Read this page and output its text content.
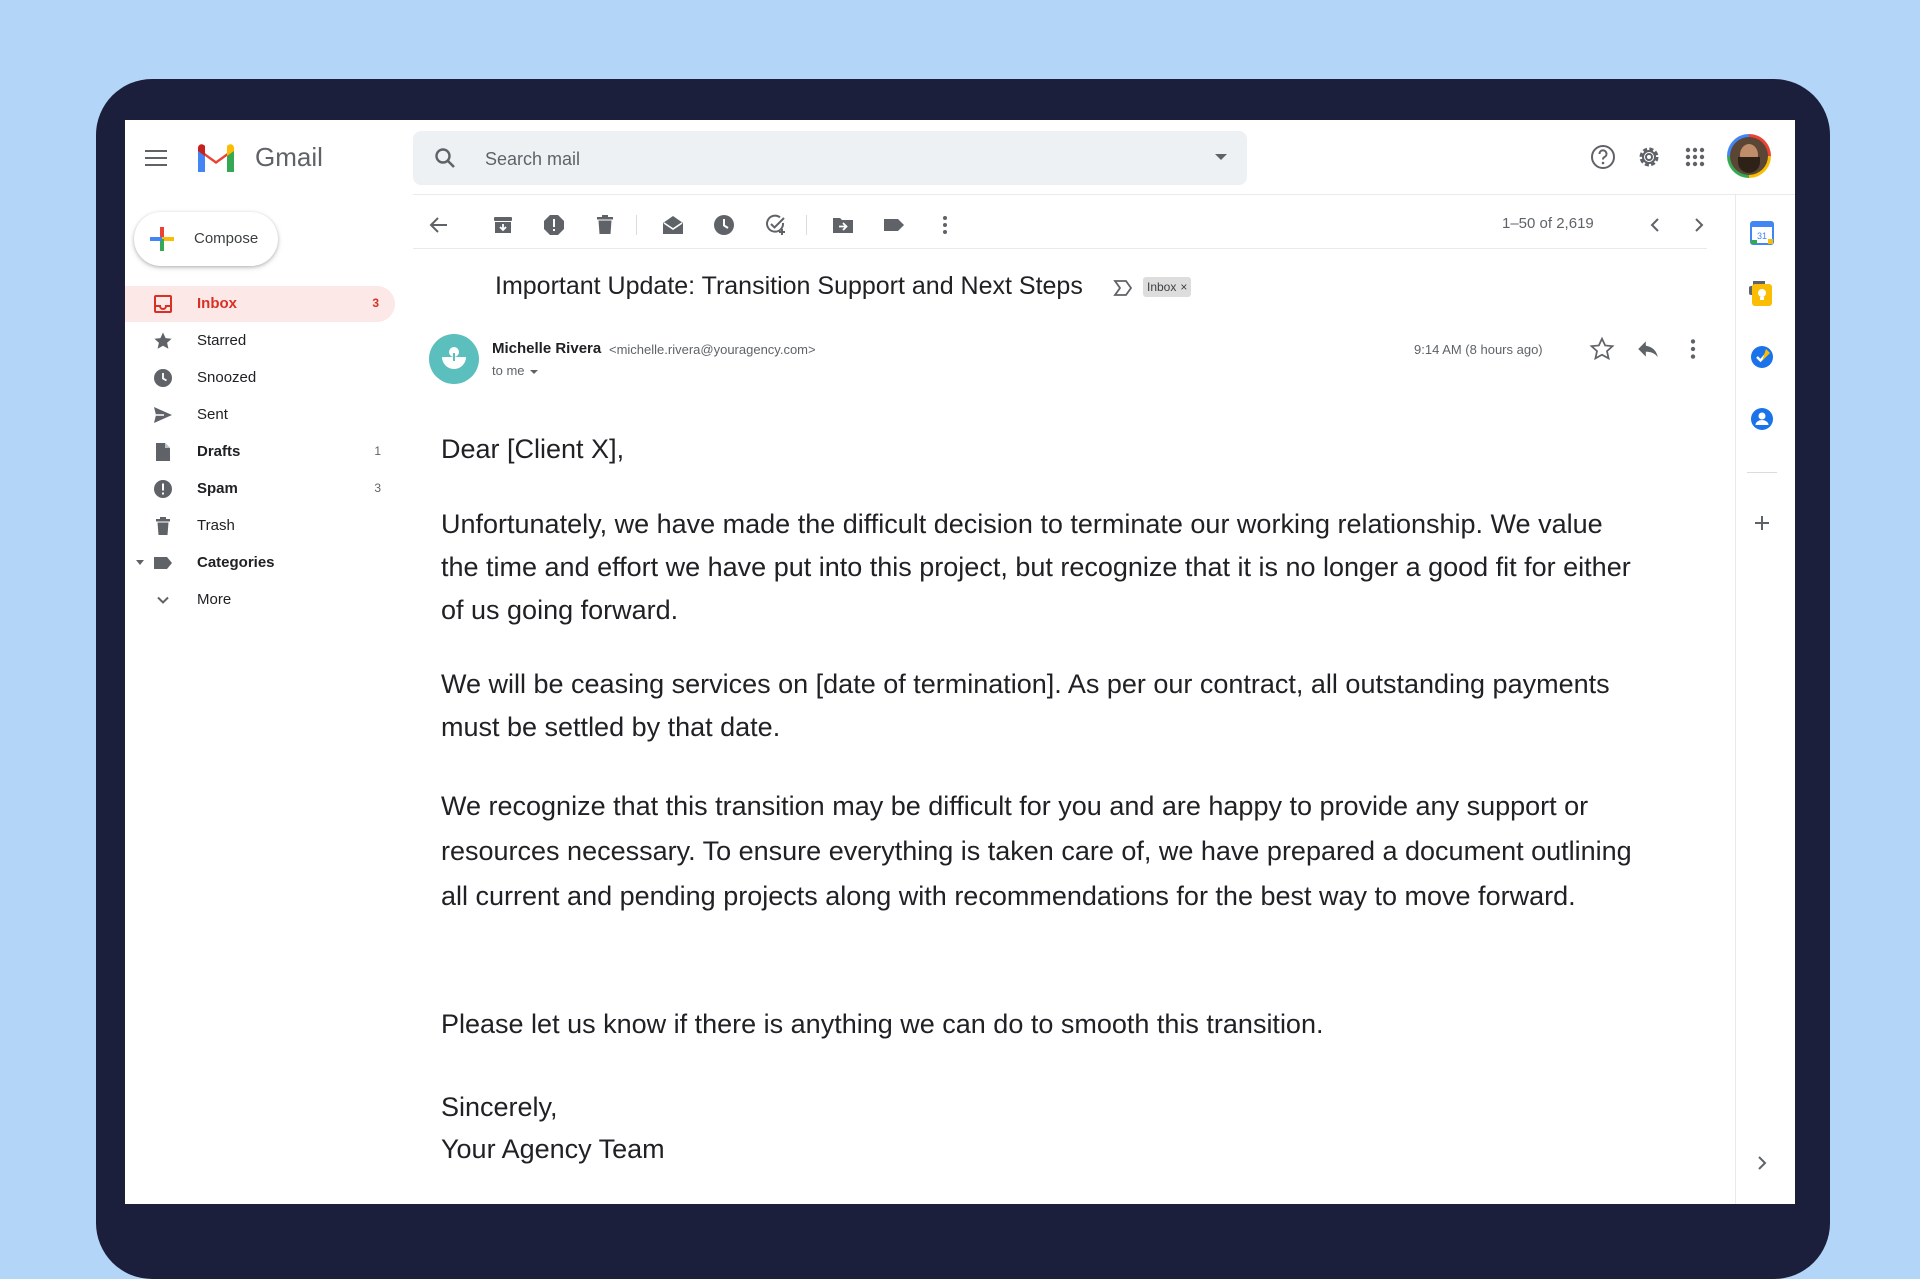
Gmail
Search mail
Compose
Inbox	3
Starred
Snoozed
Sent
Drafts	1
Spam	3
Trash
Categories
More
1–50 of 2,619
Important Update: Transition Support and Next Steps	Inbox ×
Michelle Rivera <michelle.rivera@youragency.com>
to me
9:14 AM (8 hours ago)

Dear [Client X],

Unfortunately, we have made the difficult decision to terminate our working relationship. We value the time and effort we have put into this project, but recognize that it is no longer a good fit for either of us going forward.

We will be ceasing services on [date of termination]. As per our contract, all outstanding payments must be settled by that date.

We recognize that this transition may be difficult for you and are happy to provide any support or resources necessary. To ensure everything is taken care of, we have prepared a document outlining all current and pending projects along with recommendations for the best way to move forward.

Please let us know if there is anything we can do to smooth this transition.

Sincerely,

Your Agency Team

31
